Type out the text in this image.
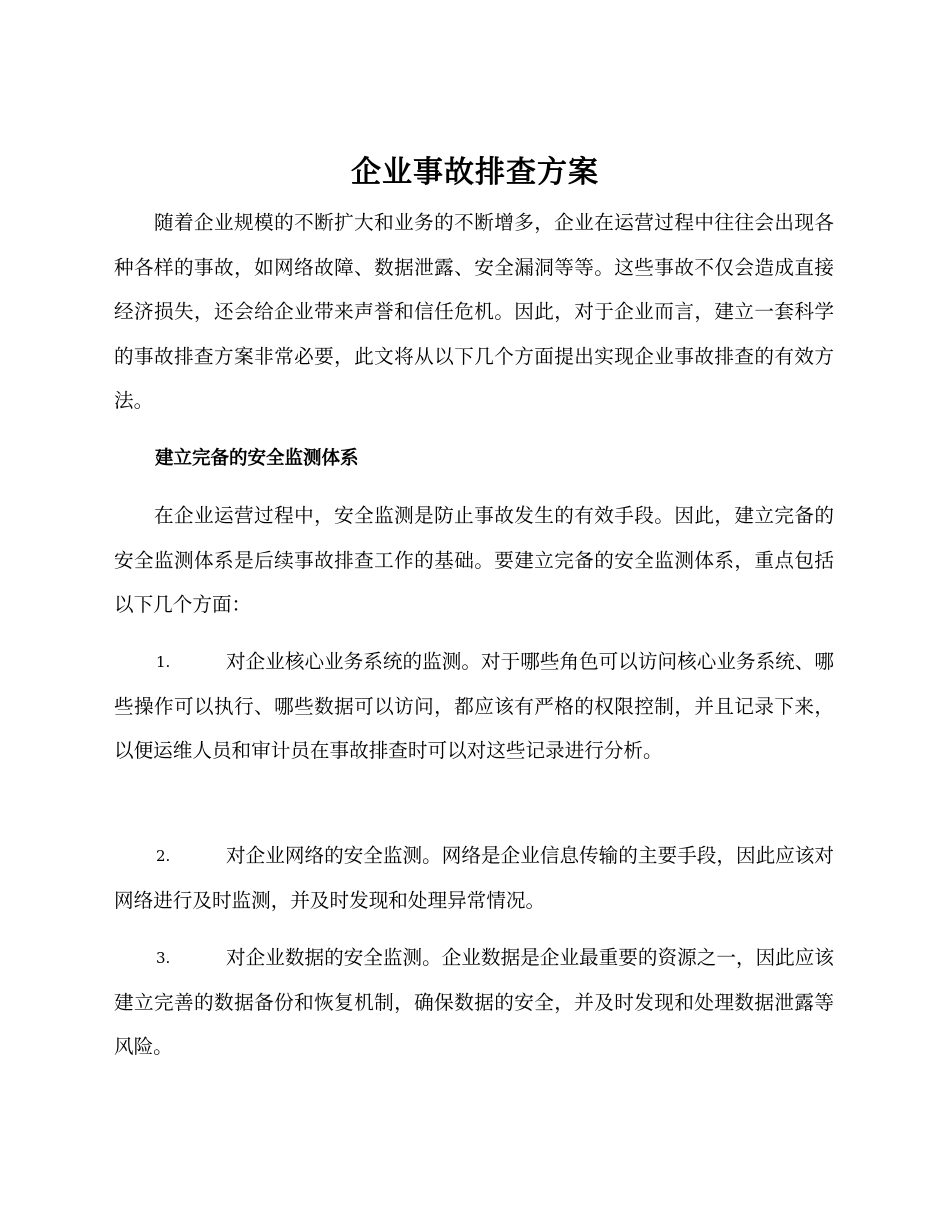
企业事故排查方案

随着企业规模的不断扩大和业务的不断增多，企业在运营过程中往往会出现各种各样的事故，如网络故障、数据泄露、安全漏洞等等。这些事故不仅会造成直接经济损失，还会给企业带来声誉和信任危机。因此，对于企业而言，建立一套科学的事故排查方案非常必要，此文将从以下几个方面提出实现企业事故排查的有效方法。

建立完备的安全监测体系

在企业运营过程中，安全监测是防止事故发生的有效手段。因此，建立完备的安全监测体系是后续事故排查工作的基础。要建立完备的安全监测体系，重点包括以下几个方面：

1.	对企业核心业务系统的监测。对于哪些角色可以访问核心业务系统、哪些操作可以执行、哪些数据可以访问，都应该有严格的权限控制，并且记录下来，以便运维人员和审计员在事故排查时可以对这些记录进行分析。

2.	对企业网络的安全监测。网络是企业信息传输的主要手段，因此应该对网络进行及时监测，并及时发现和处理异常情况。

3.	对企业数据的安全监测。企业数据是企业最重要的资源之一，因此应该建立完善的数据备份和恢复机制，确保数据的安全，并及时发现和处理数据泄露等风险。
